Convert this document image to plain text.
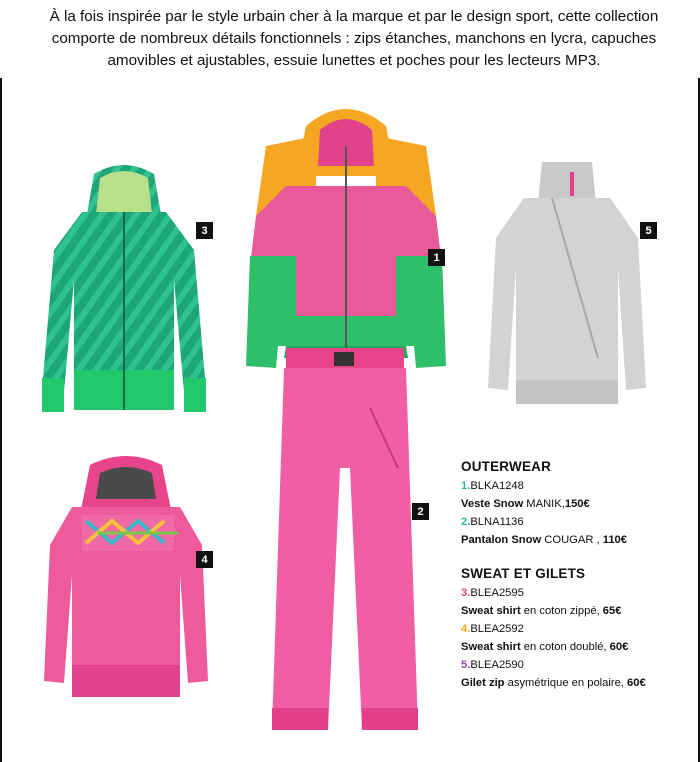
À la fois inspirée par le style urbain cher à la marque et par le design sport, cette collection comporte de nombreux détails fonctionnels : zips étanches, manchons en lycra, capuches amovibles et ajustables, essuie lunettes et poches pour les lecteurs MP3.
3
1
5
2
4
OUTERWEAR
1.BLKA1248
Veste Snow MANIK,150€
2.BLNA1136
Pantalon Snow COUGAR , 110€
SWEAT ET GILETS
3.BLEA2595
Sweat shirt en coton zippé, 65€
4.BLEA2592
Sweat shirt en coton doublé, 60€
5.BLEA2590
Gilet zip asymétrique en polaire, 60€
